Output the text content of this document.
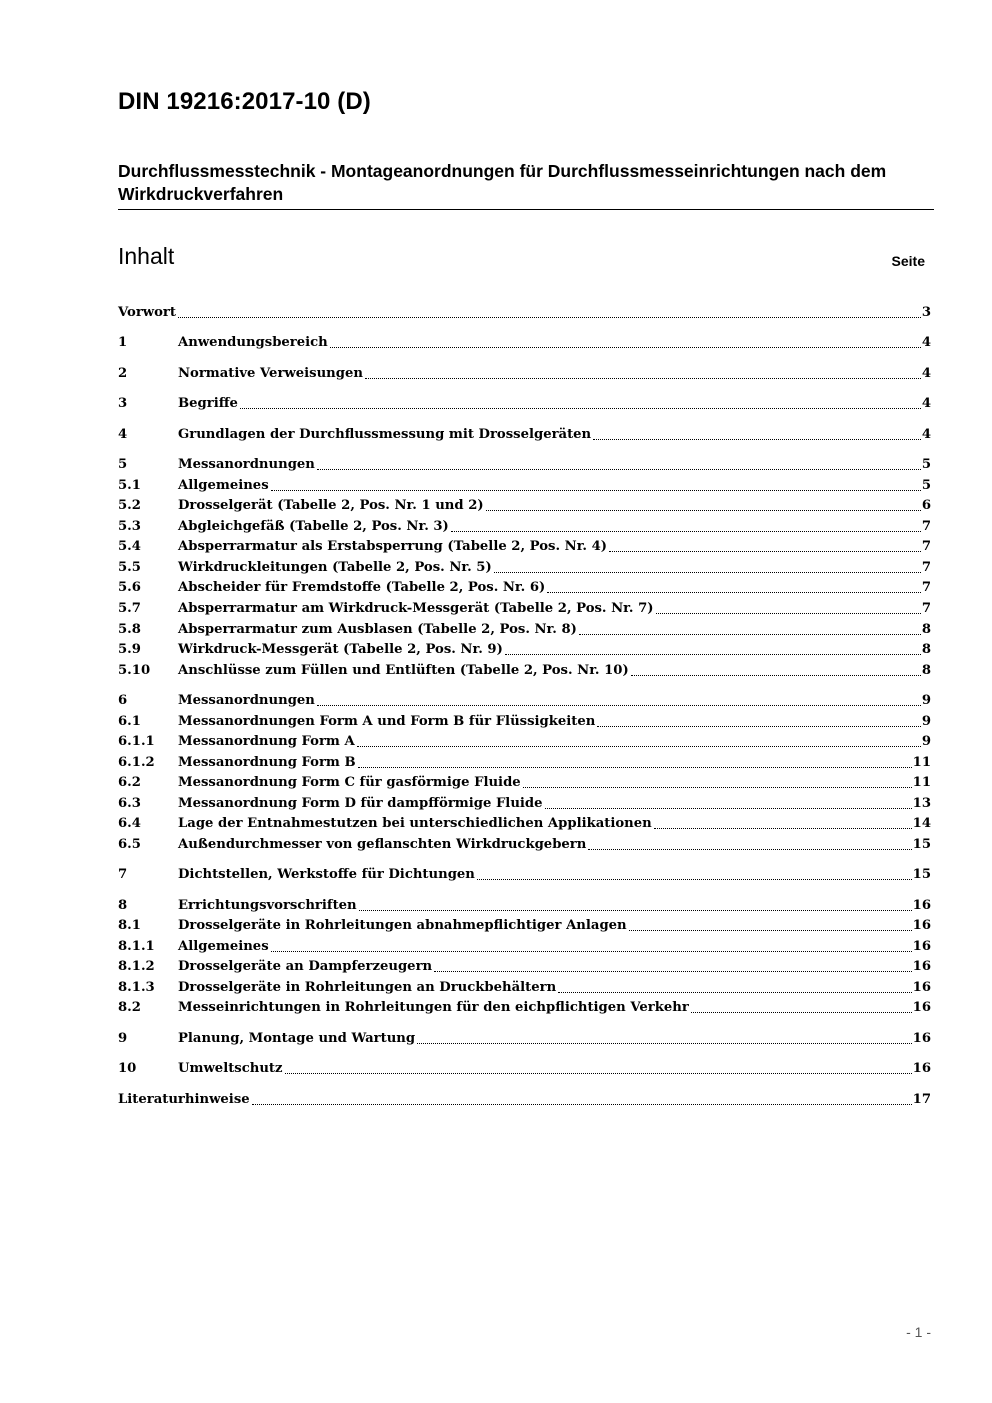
DIN 19216:2017-10 (D)
Durchflussmesstechnik - Montageanordnungen für Durchflussmesseinrichtungen nach dem Wirkdruckverfahren
Inhalt	Seite
Vorwort	3
1	Anwendungsbereich	4
2	Normative Verweisungen	4
3	Begriffe	4
4	Grundlagen der Durchflussmessung mit Drosselgeräten	4
5	Messanordnungen	5
5.1	Allgemeines	5
5.2	Drosselgerät (Tabelle 2, Pos. Nr. 1 und 2)	6
5.3	Abgleichgefäß (Tabelle 2, Pos. Nr. 3)	7
5.4	Absperrarmatur als Erstabsperrung (Tabelle 2, Pos. Nr. 4)	7
5.5	Wirkdruckleitungen (Tabelle 2, Pos. Nr. 5)	7
5.6	Abscheider für Fremdstoffe (Tabelle 2, Pos. Nr. 6)	7
5.7	Absperrarmatur am Wirkdruck-Messgerät (Tabelle 2, Pos. Nr. 7)	7
5.8	Absperrarmatur zum Ausblasen (Tabelle 2, Pos. Nr. 8)	8
5.9	Wirkdruck-Messgerät (Tabelle 2, Pos. Nr. 9)	8
5.10	Anschlüsse zum Füllen und Entlüften (Tabelle 2, Pos. Nr. 10)	8
6	Messanordnungen	9
6.1	Messanordnungen Form A und Form B für Flüssigkeiten	9
6.1.1	Messanordnung Form A	9
6.1.2	Messanordnung Form B	11
6.2	Messanordnung Form C für gasförmige Fluide	11
6.3	Messanordnung Form D für dampfförmige Fluide	13
6.4	Lage der Entnahmestutzen bei unterschiedlichen Applikationen	14
6.5	Außendurchmesser von geflanschten Wirkdruckgebern	15
7	Dichtstellen, Werkstoffe für Dichtungen	15
8	Errichtungsvorschriften	16
8.1	Drosselgeräte in Rohrleitungen abnahmepflichtiger Anlagen	16
8.1.1	Allgemeines	16
8.1.2	Drosselgeräte an Dampferzeugern	16
8.1.3	Drosselgeräte in Rohrleitungen an Druckbehältern	16
8.2	Messeinrichtungen in Rohrleitungen für den eichpflichtigen Verkehr	16
9	Planung, Montage und Wartung	16
10	Umweltschutz	16
Literaturhinweise	17
- 1 -
